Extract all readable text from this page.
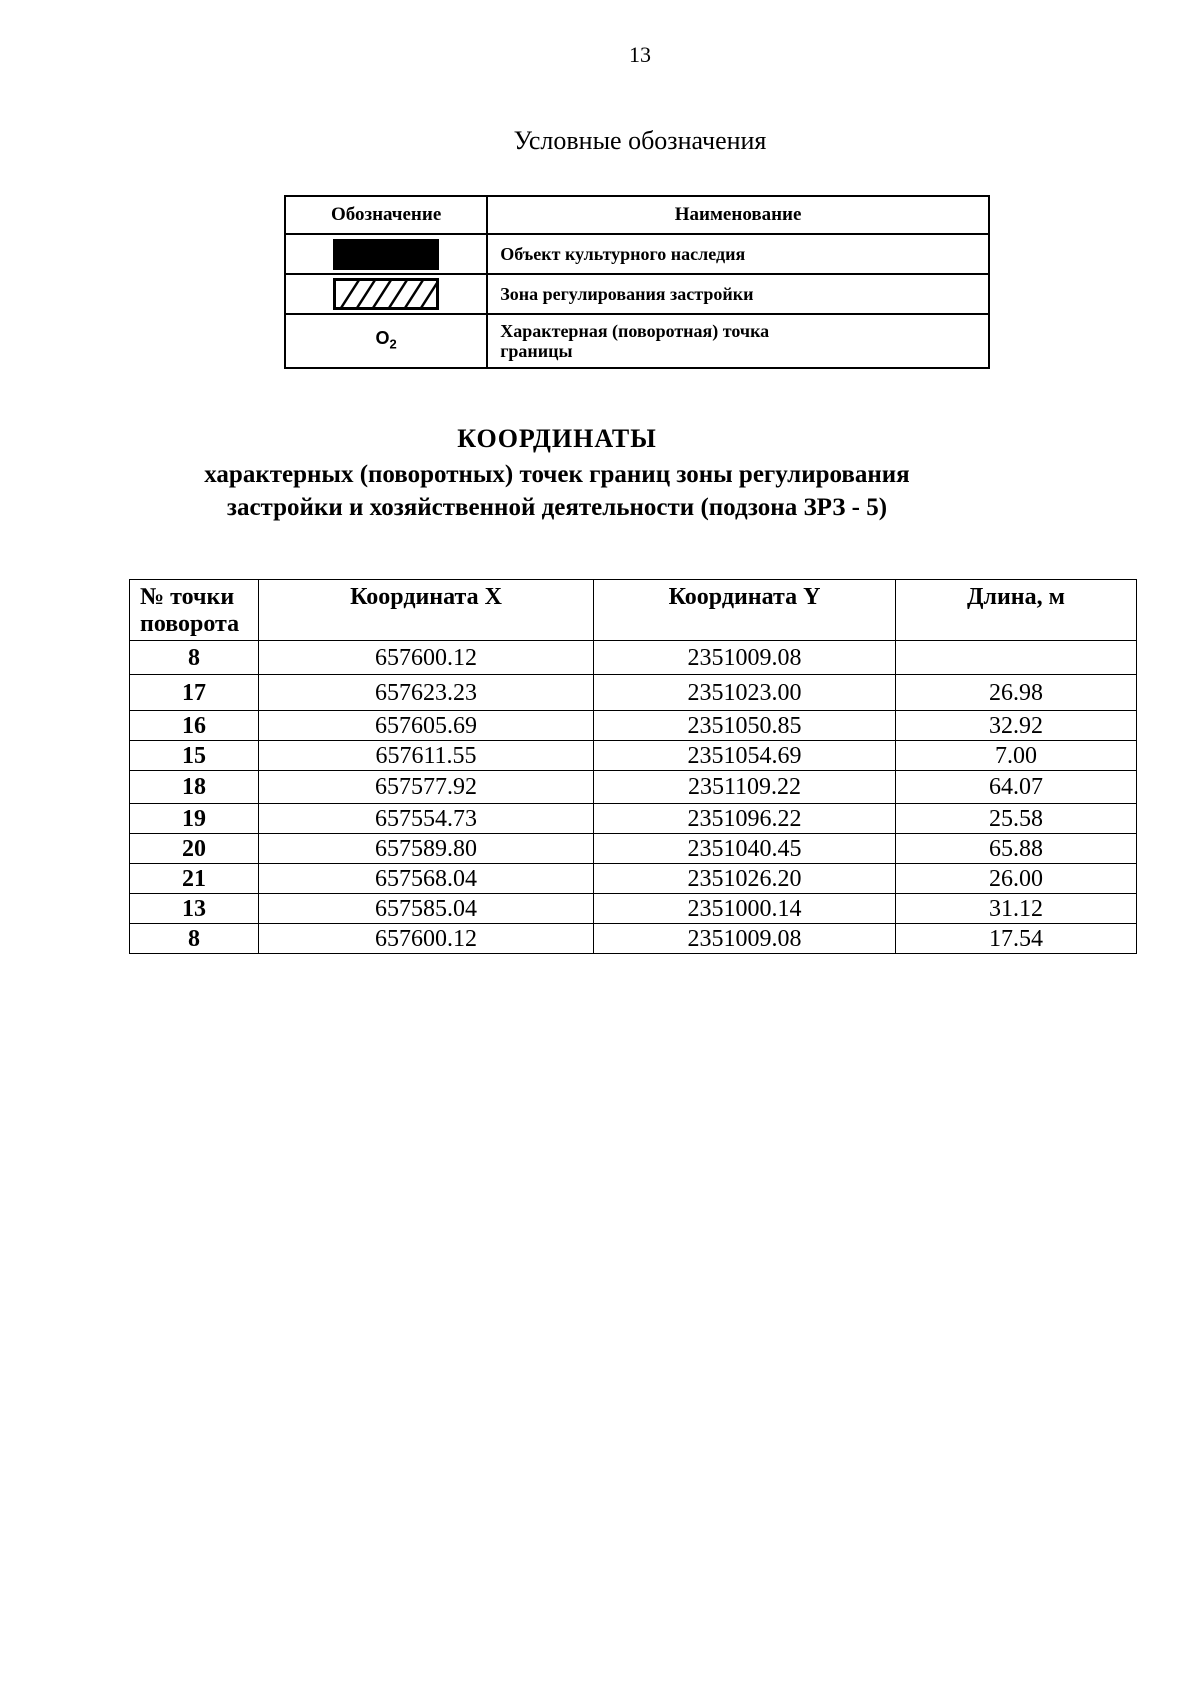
13
Условные обозначения
Обозначение	Наименование
	Объект культурного наследия
	Зона регулирования застройки
$O_2$	Характерная (поворотная) точка
границы
КООРДИНАТЫ
характерных (поворотных) точек границ зоны регулирования
застройки и хозяйственной деятельности (подзона ЗРЗ - 5)
№ точки
поворота	Координата X	Координата Y	Длина, м
8	657600.12	2351009.08	
17	657623.23	2351023.00	26.98
16	657605.69	2351050.85	32.92
15	657611.55	2351054.69	7.00
18	657577.92	2351109.22	64.07
19	657554.73	2351096.22	25.58
20	657589.80	2351040.45	65.88
21	657568.04	2351026.20	26.00
13	657585.04	2351000.14	31.12
8	657600.12	2351009.08	17.54
